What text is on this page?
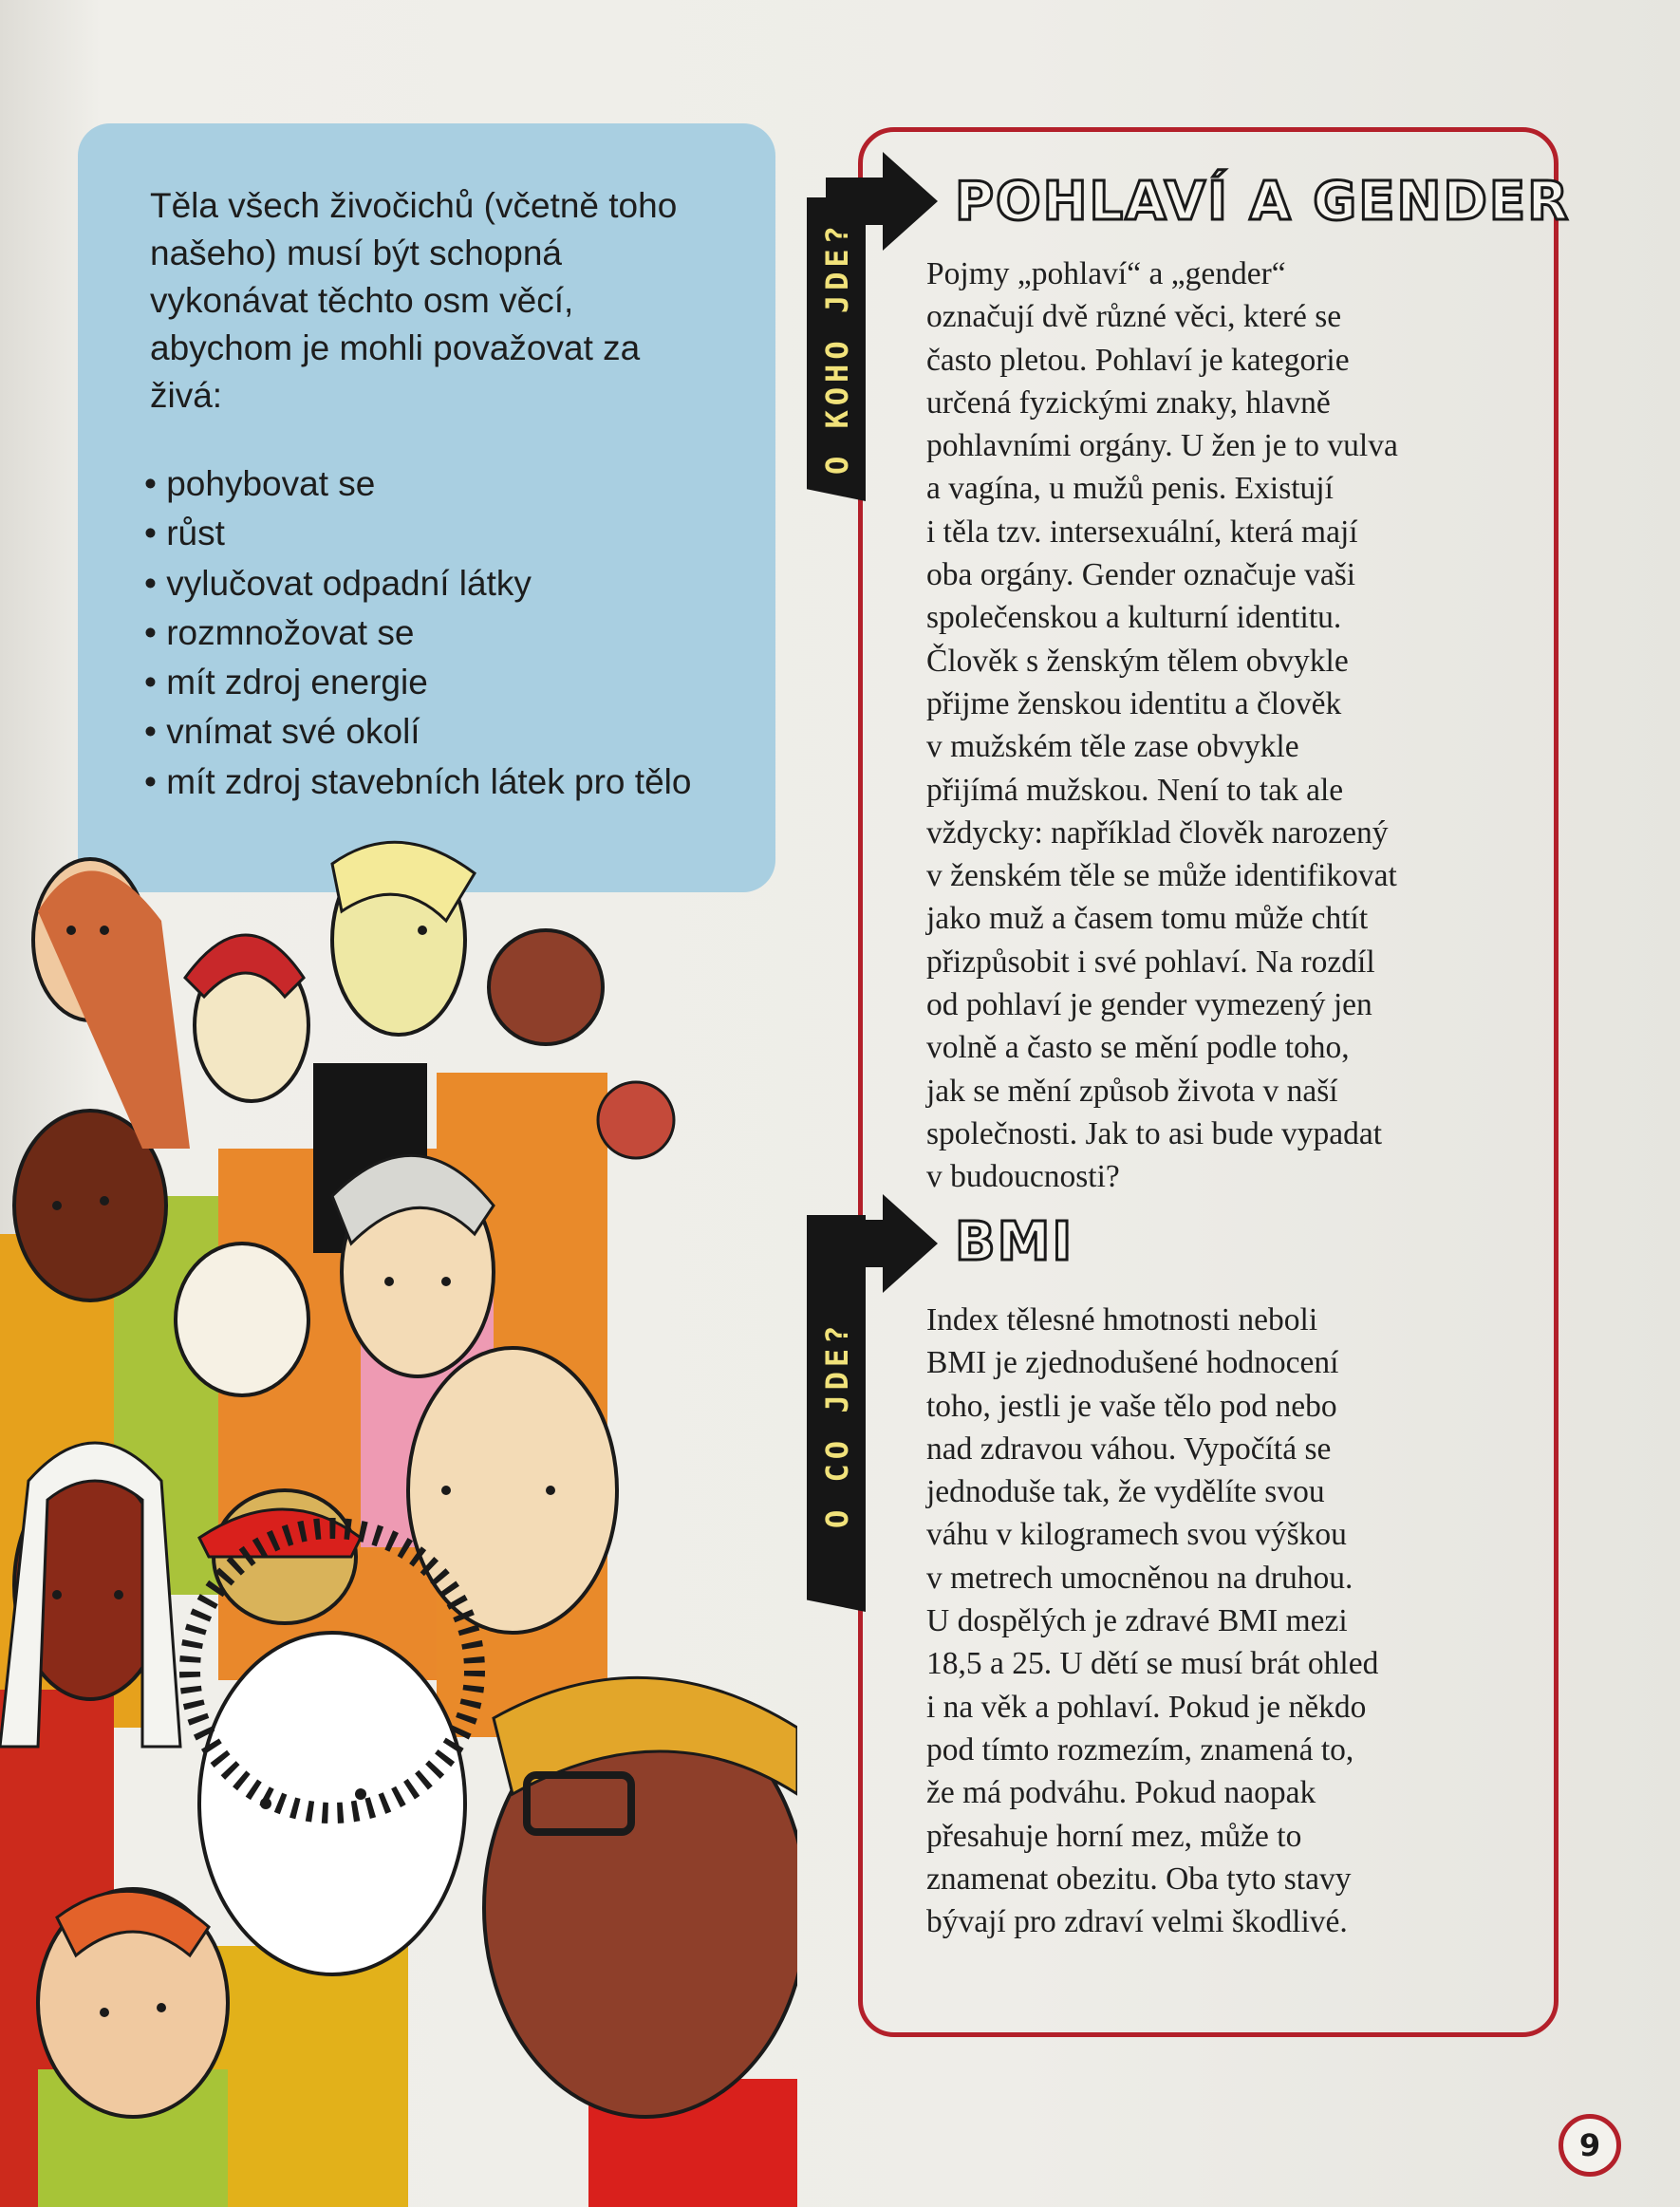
Těla všech živočichů (včetně toho našeho) musí být schopná vykonávat těchto osm věcí, abychom je mohli považovat za živá:

• pohybovat se
• růst
• vylučovat odpadní látky
• rozmnožovat se
• mít zdroj energie
• vnímat své okolí
• mít zdroj stavebních látek pro tělo
O KOHO JDE?
POHLAVÍ A GENDER

Pojmy „pohlaví“ a „gender“
označují dvě různé věci, které se
často pletou. Pohlaví je kategorie
určená fyzickými znaky, hlavně
pohlavními orgány. U žen je to vulva
a vagína, u mužů penis. Existují
i těla tzv. intersexuální, která mají
oba orgány. Gender označuje vaši
společenskou a kulturní identitu.
Člověk s ženským tělem obvykle
přijme ženskou identitu a člověk
v mužském těle zase obvykle
přijímá mužskou. Není to tak ale
vždycky: například člověk narozený
v ženském těle se může identifikovat
jako muž a časem tomu může chtít
přizpůsobit i své pohlaví. Na rozdíl
od pohlaví je gender vymezený jen
volně a často se mění podle toho,
jak se mění způsob života v naší
společnosti. Jak to asi bude vypadat
v budoucnosti?

O CO JDE?
BMI

Index tělesné hmotnosti neboli
BMI je zjednodušené hodnocení
toho, jestli je vaše tělo pod nebo
nad zdravou váhou. Vypočítá se
jednoduše tak, že vydělíte svou
váhu v kilogramech svou výškou
v metrech umocněnou na druhou.
U dospělých je zdravé BMI mezi
18,5 a 25. U dětí se musí brát ohled
i na věk a pohlaví. Pokud je někdo
pod tímto rozmezím, znamená to,
že má podváhu. Pokud naopak
přesahuje horní mez, může to
znamenat obezitu. Oba tyto stavy
bývají pro zdraví velmi škodlivé.

9
